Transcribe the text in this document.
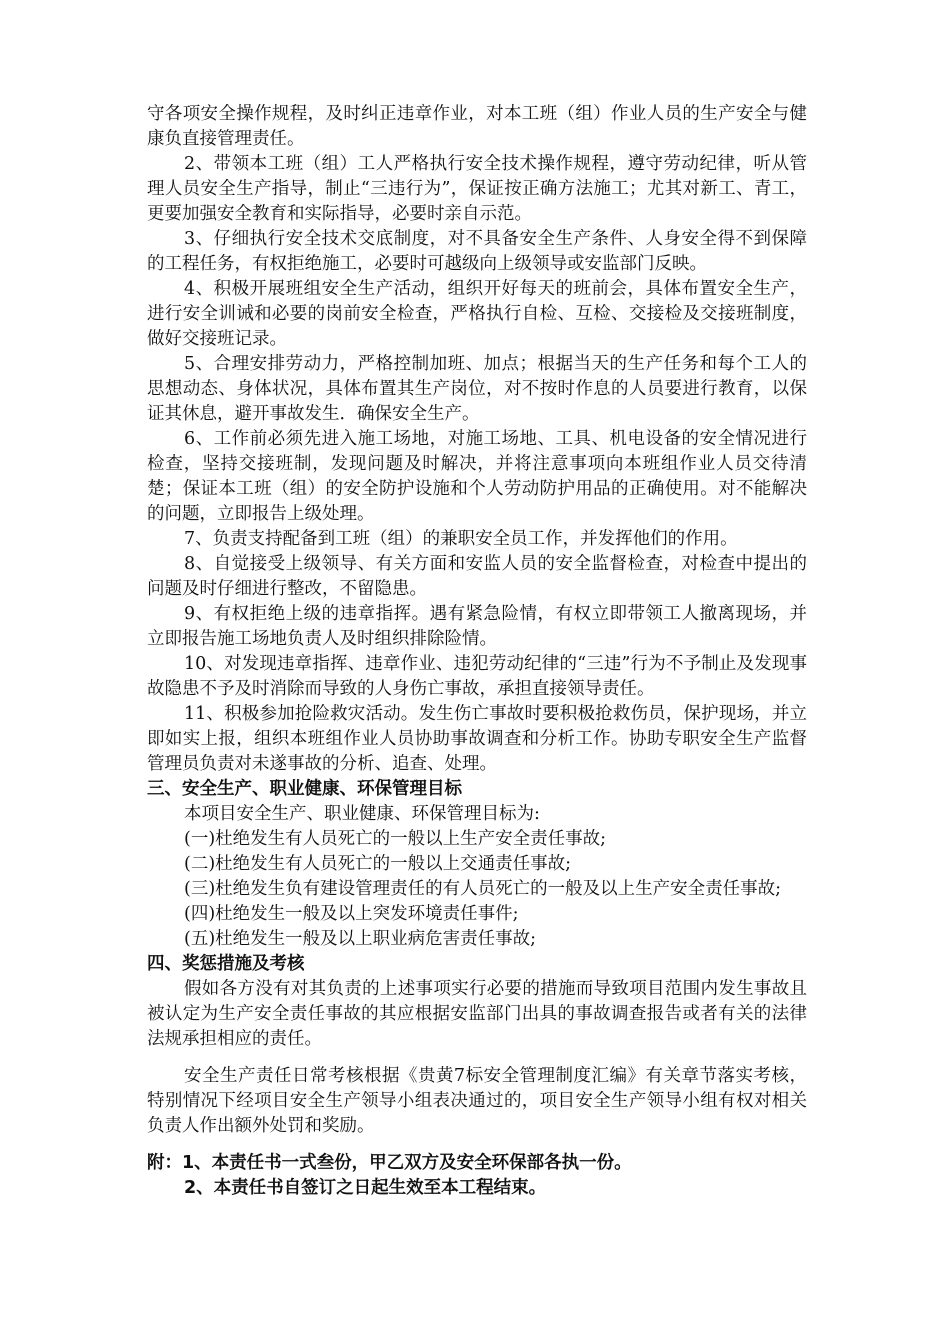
守各项安全操作规程，及时纠正违章作业，对本工班（组）作业人员的生产安全与健康负直接管理责任。

2、带领本工班（组）工人严格执行安全技术操作规程，遵守劳动纪律，听从管理人员安全生产指导，制止“三违行为”，保证按正确方法施工；尤其对新工、青工，更要加强安全教育和实际指导，必要时亲自示范。

3、仔细执行安全技术交底制度，对不具备安全生产条件、人身安全得不到保障的工程任务，有权拒绝施工，必要时可越级向上级领导或安监部门反映。

4、积极开展班组安全生产活动，组织开好每天的班前会，具体布置安全生产，进行安全训诫和必要的岗前安全检查，严格执行自检、互检、交接检及交接班制度，做好交接班记录。

5、合理安排劳动力，严格控制加班、加点；根据当天的生产任务和每个工人的思想动态、身体状况，具体布置其生产岗位，对不按时作息的人员要进行教育，以保证其休息，避开事故发生．确保安全生产。

6、工作前必须先进入施工场地，对施工场地、工具、机电设备的安全情况进行检查，坚持交接班制，发现问题及时解决，并将注意事项向本班组作业人员交待清楚；保证本工班（组）的安全防护设施和个人劳动防护用品的正确使用。对不能解决的问题，立即报告上级处理。

7、负责支持配备到工班（组）的兼职安全员工作，并发挥他们的作用。

8、自觉接受上级领导、有关方面和安监人员的安全监督检查，对检查中提出的问题及时仔细进行整改，不留隐患。

9、有权拒绝上级的违章指挥。遇有紧急险情，有权立即带领工人撤离现场，并立即报告施工场地负责人及时组织排除险情。

10、对发现违章指挥、违章作业、违犯劳动纪律的“三违”行为不予制止及发现事故隐患不予及时消除而导致的人身伤亡事故，承担直接领导责任。

11、积极参加抢险救灾活动。发生伤亡事故时要积极抢救伤员，保护现场，并立即如实上报，组织本班组作业人员协助事故调查和分析工作。协助专职安全生产监督管理员负责对未遂事故的分析、追查、处理。

三、安全生产、职业健康、环保管理目标

本项目安全生产、职业健康、环保管理目标为:

(一)杜绝发生有人员死亡的一般以上生产安全责任事故;

(二)杜绝发生有人员死亡的一般以上交通责任事故;

(三)杜绝发生负有建设管理责任的有人员死亡的一般及以上生产安全责任事故;

(四)杜绝发生一般及以上突发环境责任事件;

(五)杜绝发生一般及以上职业病危害责任事故;

四、奖惩措施及考核

假如各方没有对其负责的上述事项实行必要的措施而导致项目范围内发生事故且被认定为生产安全责任事故的其应根据安监部门出具的事故调查报告或者有关的法律法规承担相应的责任。

安全生产责任日常考核根据《贵黄7标安全管理制度汇编》有关章节落实考核，特别情况下经项目安全生产领导小组表决通过的，项目安全生产领导小组有权对相关负责人作出额外处罚和奖励。

附：1、本责任书一式叁份，甲乙双方及安全环保部各执一份。

2、本责任书自签订之日起生效至本工程结束。
